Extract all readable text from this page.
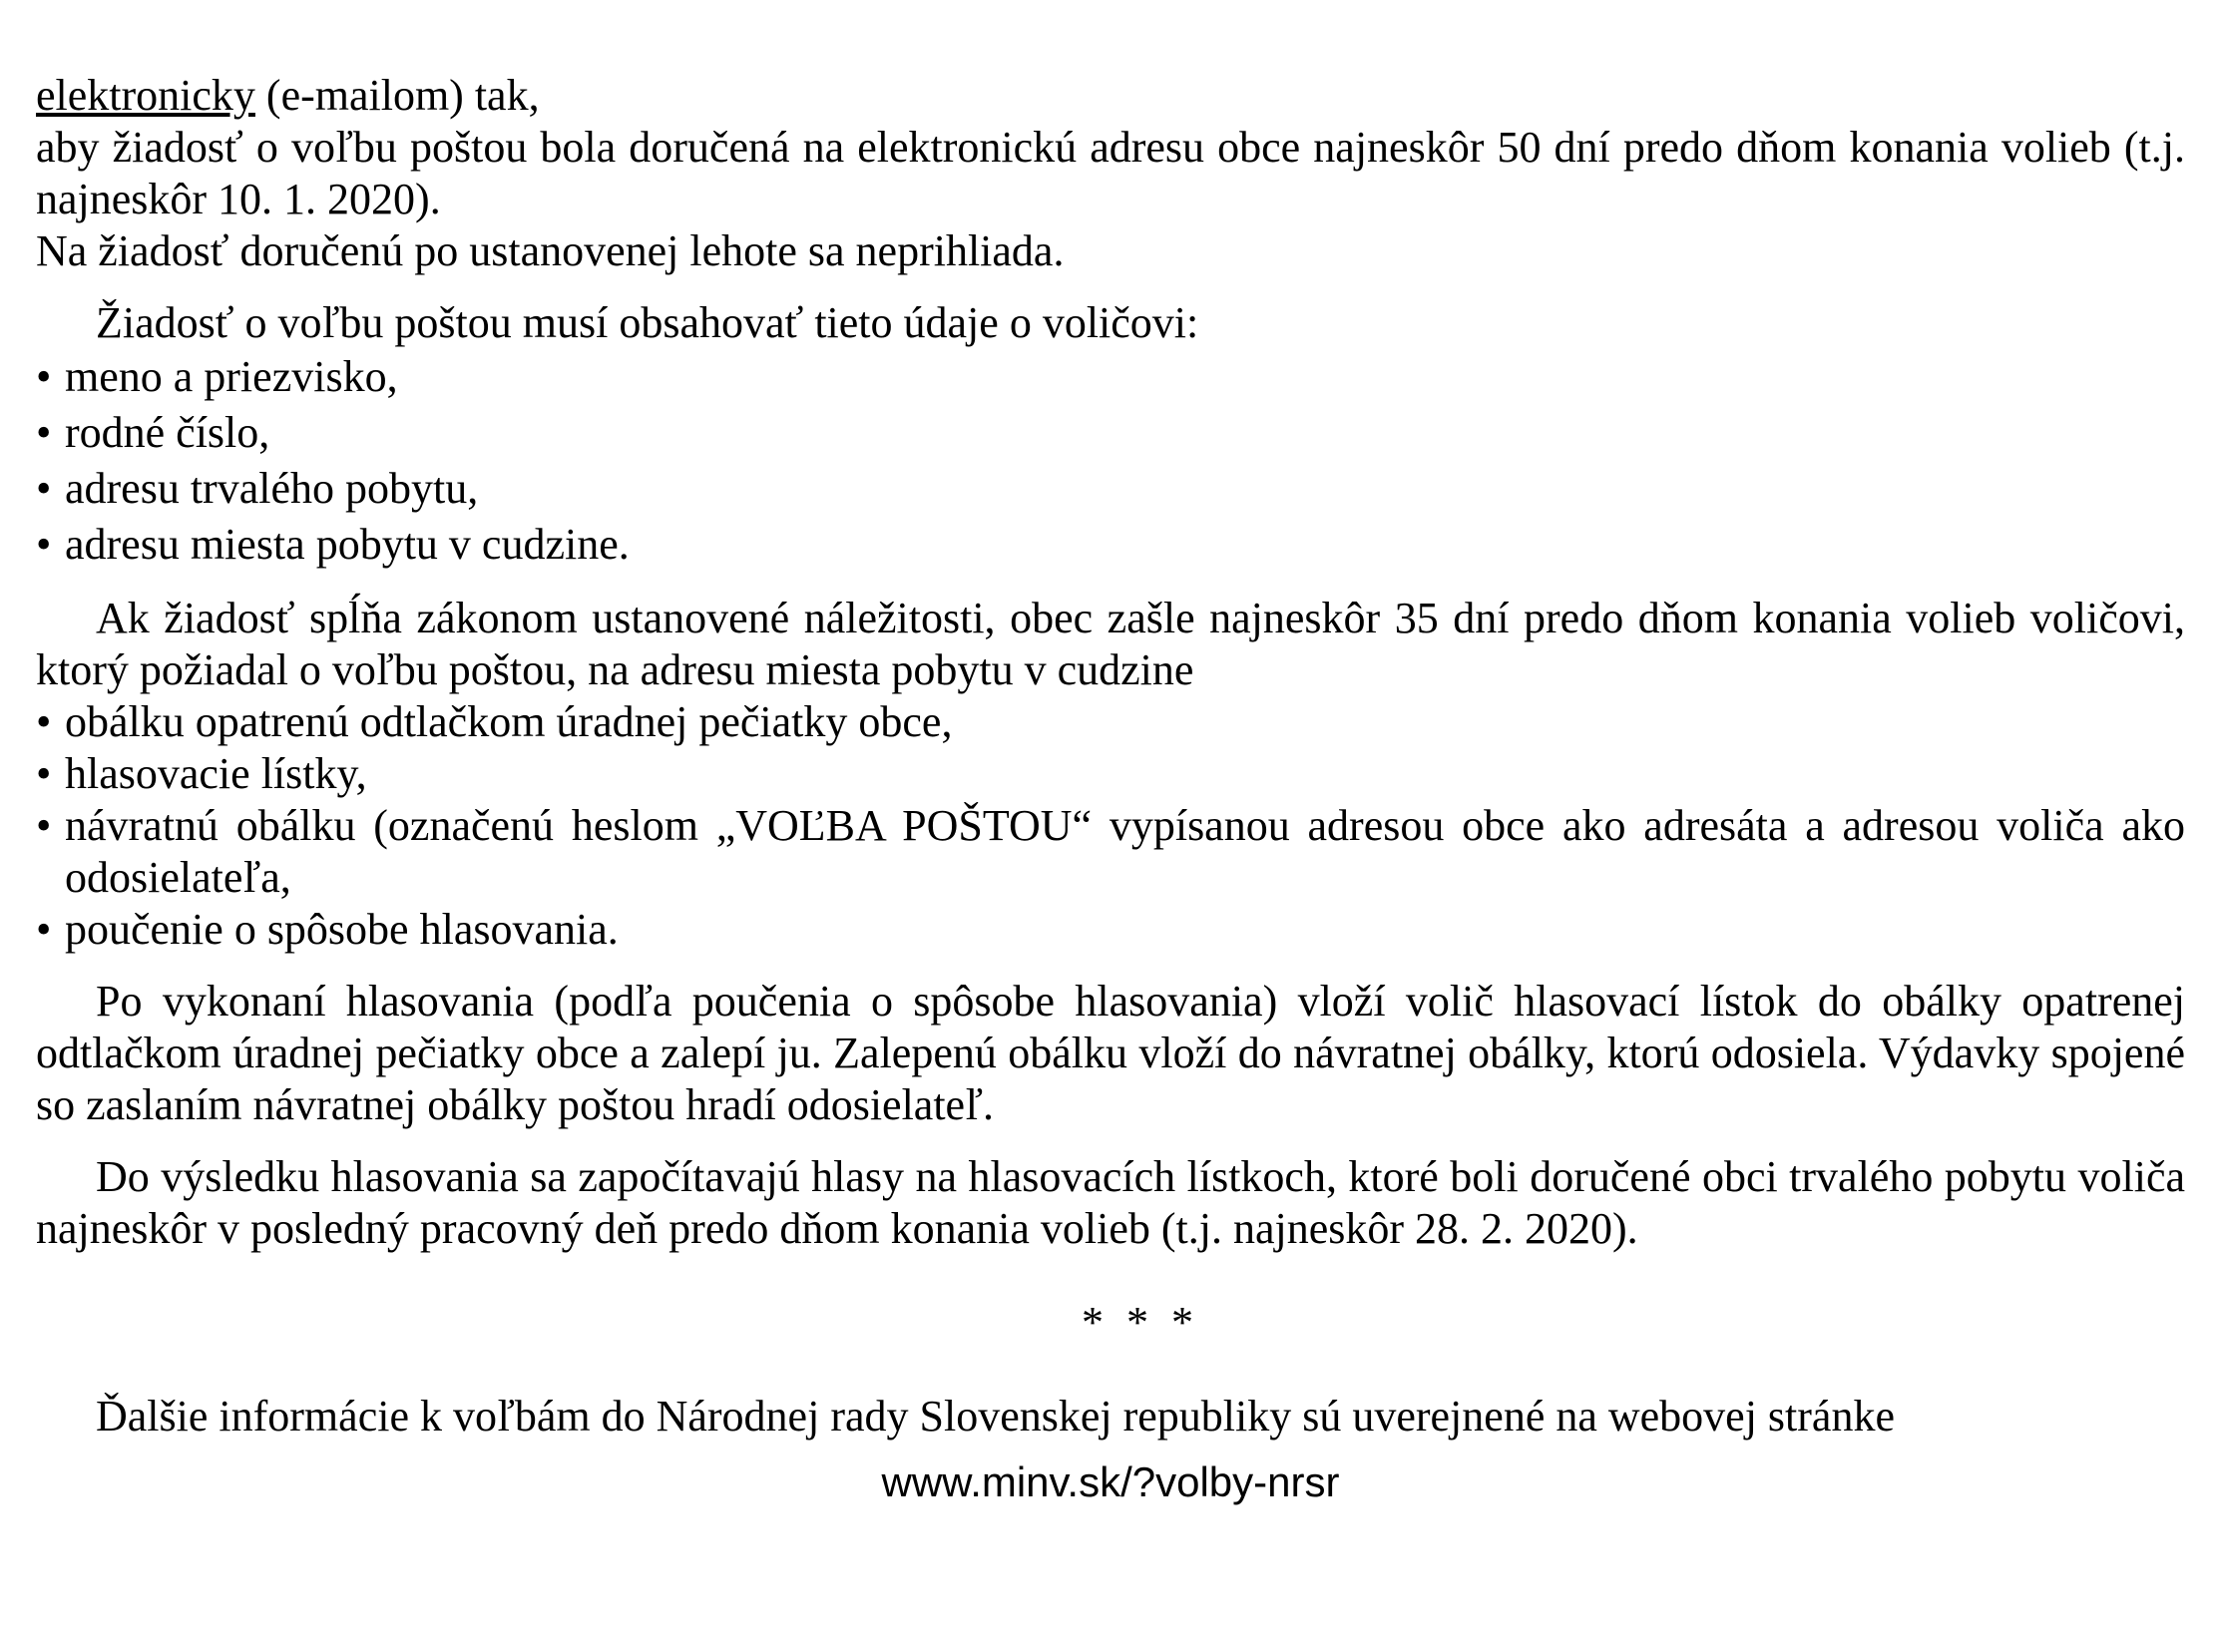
elektronicky (e-mailom) tak,

aby žiadosť o voľbu poštou bola doručená na elektronickú adresu obce najneskôr 50 dní predo dňom konania volieb (t.j. najneskôr 10. 1. 2020).

Na žiadosť doručenú po ustanovenej lehote sa neprihliada.

Žiadosť o voľbu poštou musí obsahovať tieto údaje o voličovi:

• meno a priezvisko,
• rodné číslo,
• adresu trvalého pobytu,
• adresu miesta pobytu v cudzine.

Ak žiadosť spĺňa zákonom ustanovené náležitosti, obec zašle najneskôr 35 dní predo dňom konania volieb voličovi, ktorý požiadal o voľbu poštou, na adresu miesta pobytu v cudzine

• obálku opatrenú odtlačkom úradnej pečiatky obce,
• hlasovacie lístky,
• návratnú obálku (označenú heslom „VOĽBA POŠTOU“ vypísanou adresou obce ako adresáta a adresou voliča ako odosielateľa,
• poučenie o spôsobe hlasovania.

Po vykonaní hlasovania (podľa poučenia o spôsobe hlasovania) vloží volič hlasovací lístok do obálky opatrenej odtlačkom úradnej pečiatky obce a zalepí ju. Zalepenú obálku vloží do návratnej obálky, ktorú odosiela. Výdavky spojené so zaslaním návratnej obálky poštou hradí odosielateľ.

Do výsledku hlasovania sa započítavajú hlasy na hlasovacích lístkoch, ktoré boli doručené obci trvalého pobytu voliča najneskôr v posledný pracovný deň predo dňom konania volieb (t.j. najneskôr 28. 2. 2020).

* * *

Ďalšie informácie k voľbám do Národnej rady Slovenskej republiky sú uverejnené na webovej stránke

www.minv.sk/?volby-nrsr
